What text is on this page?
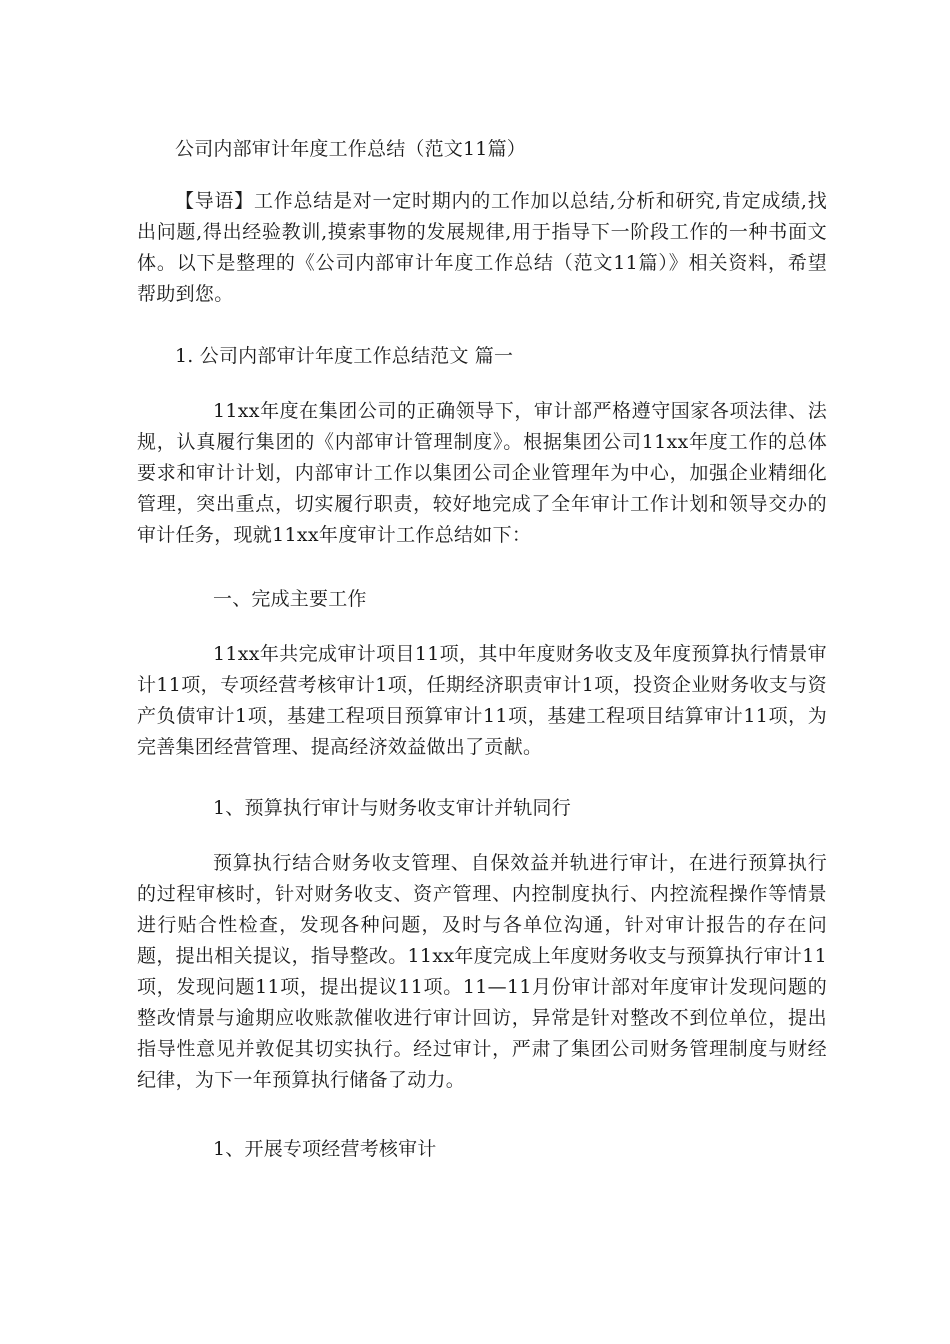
公司内部审计年度工作总结（范文11篇）
【导语】工作总结是对一定时期内的工作加以总结,分析和研究,肯定成绩,找出问题,得出经验教训,摸索事物的发展规律,用于指导下一阶段工作的一种书面文体。以下是整理的《公司内部审计年度工作总结（范文11篇）》相关资料，希望帮助到您。
1. 公司内部审计年度工作总结范文 篇一
11xx年度在集团公司的正确领导下，审计部严格遵守国家各项法律、法规，认真履行集团的《内部审计管理制度》。根据集团公司11xx年度工作的总体要求和审计计划，内部审计工作以集团公司企业管理年为中心，加强企业精细化管理，突出重点，切实履行职责，较好地完成了全年审计工作计划和领导交办的审计任务，现就11xx年度审计工作总结如下：
一、完成主要工作
11xx年共完成审计项目11项，其中年度财务收支及年度预算执行情景审计11项，专项经营考核审计1项，任期经济职责审计1项，投资企业财务收支与资产负债审计1项，基建工程项目预算审计11项，基建工程项目结算审计11项，为完善集团经营管理、提高经济效益做出了贡献。
1、预算执行审计与财务收支审计并轨同行
预算执行结合财务收支管理、自保效益并轨进行审计，在进行预算执行的过程审核时，针对财务收支、资产管理、内控制度执行、内控流程操作等情景进行贴合性检查，发现各种问题，及时与各单位沟通，针对审计报告的存在问题，提出相关提议，指导整改。11xx年度完成上年度财务收支与预算执行审计11项，发现问题11项，提出提议11项。11—11月份审计部对年度审计发现问题的整改情景与逾期应收账款催收进行审计回访，异常是针对整改不到位单位，提出指导性意见并敦促其切实执行。经过审计，严肃了集团公司财务管理制度与财经纪律，为下一年预算执行储备了动力。
1、开展专项经营考核审计
